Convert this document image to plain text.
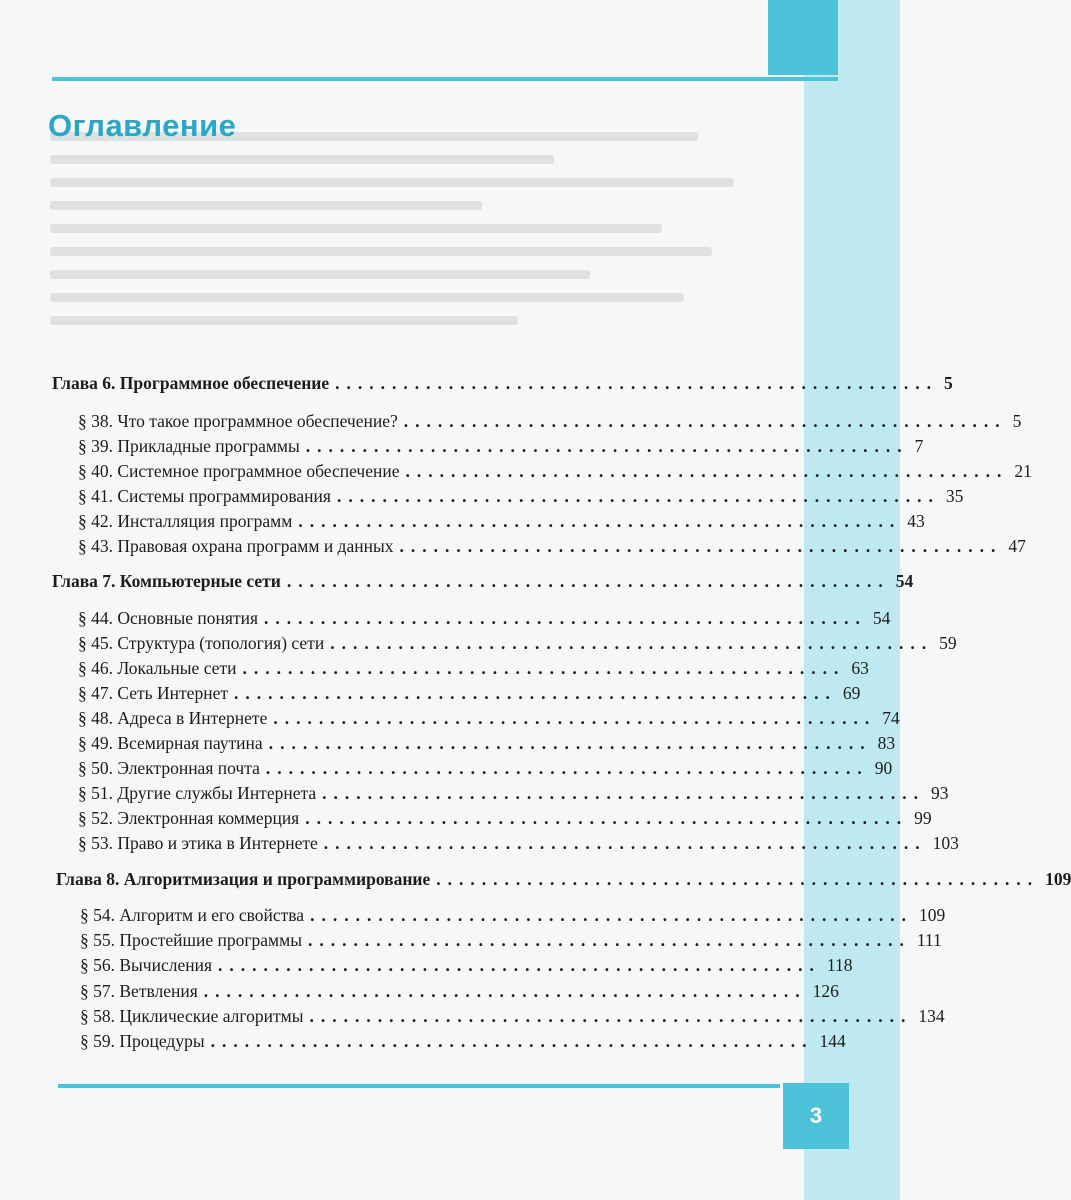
Оглавление
Глава 6. Программное обеспечение ..................................................... 5
§ 38. Что такое программное обеспечение? ..................................................... 5
§ 39. Прикладные программы ..................................................... 7
§ 40. Системное программное обеспечение ..................................................... 21
§ 41. Системы программирования ..................................................... 35
§ 42. Инсталляция программ ..................................................... 43
§ 43. Правовая охрана программ и данных ..................................................... 47
Глава 7. Компьютерные сети ..................................................... 54
§ 44. Основные понятия ..................................................... 54
§ 45. Структура (топология) сети ..................................................... 59
§ 46. Локальные сети ..................................................... 63
§ 47. Сеть Интернет ..................................................... 69
§ 48. Адреса в Интернете ..................................................... 74
§ 49. Всемирная паутина ..................................................... 83
§ 50. Электронная почта ..................................................... 90
§ 51. Другие службы Интернета ..................................................... 93
§ 52. Электронная коммерция ..................................................... 99
§ 53. Право и этика в Интернете ..................................................... 103
Глава 8. Алгоритмизация и программирование ..................................................... 109
§ 54. Алгоритм и его свойства ..................................................... 109
§ 55. Простейшие программы ..................................................... 111
§ 56. Вычисления ..................................................... 118
§ 57. Ветвления ..................................................... 126
§ 58. Циклические алгоритмы ..................................................... 134
§ 59. Процедуры ..................................................... 144
3
